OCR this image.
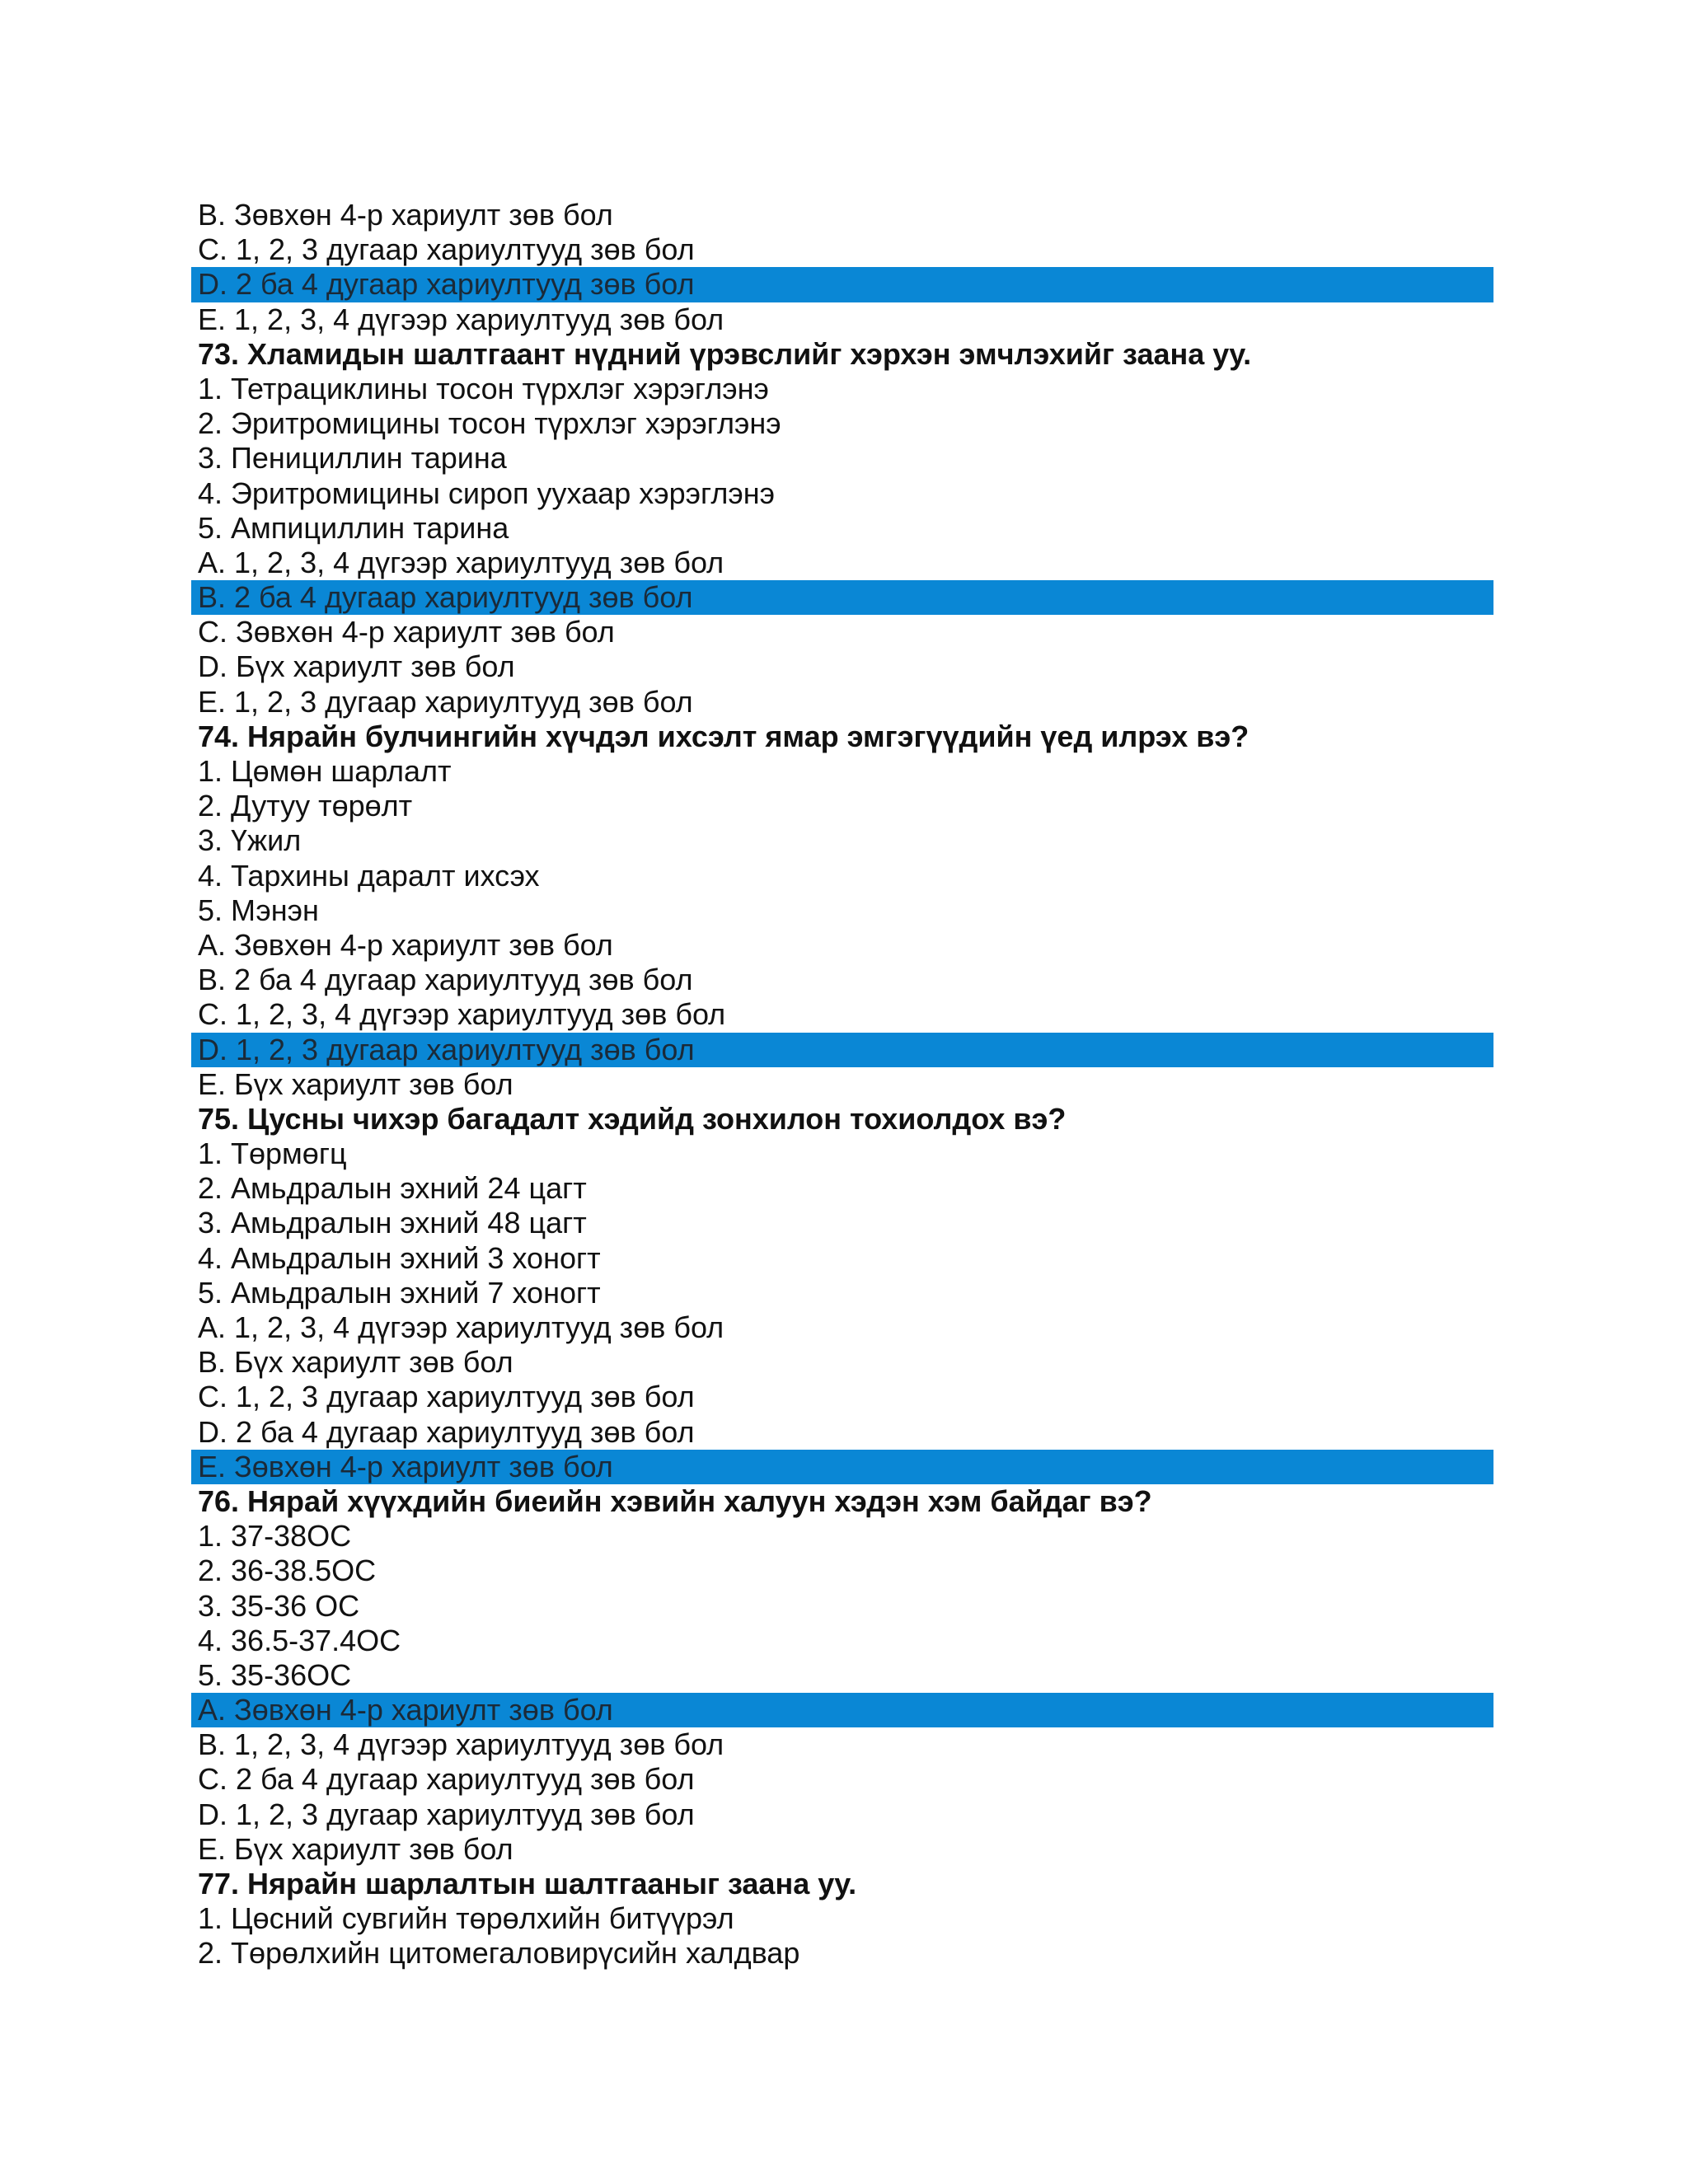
B. Зөвхөн 4-р хариулт зөв бол
C. 1, 2, 3 дугаар хариултууд зөв бол
D. 2 ба 4 дугаар хариултууд зөв бол
E. 1, 2, 3, 4 дүгээр хариултууд зөв бол
73. Хламидын шалтгаант нүдний үрэвслийг хэрхэн эмчлэхийг заана уу.
1. Тетрациклины тосон түрхлэг хэрэглэнэ
2. Эритромицины тосон түрхлэг хэрэглэнэ
3. Пенициллин тарина
4. Эритромицины сироп уухаар хэрэглэнэ
5. Ампициллин тарина
A. 1, 2, 3, 4 дүгээр хариултууд зөв бол
B. 2 ба 4 дугаар хариултууд зөв бол
C. Зөвхөн 4-р хариулт зөв бол
D. Бүх хариулт зөв бол
E. 1, 2, 3 дугаар хариултууд зөв бол
74. Нярайн булчингийн хүчдэл ихсэлт ямар эмгэгүүдийн үед илрэх вэ?
1. Цөмөн шарлалт
2. Дутуу төрөлт
3. Үжил
4. Тархины даралт ихсэх
5. Мэнэн
A. Зөвхөн 4-р хариулт зөв бол
B. 2 ба 4 дугаар хариултууд зөв бол
C. 1, 2, 3, 4 дүгээр хариултууд зөв бол
D. 1, 2, 3 дугаар хариултууд зөв бол
E. Бүх хариулт зөв бол
75. Цусны чихэр багадалт хэдийд зонхилон тохиолдох вэ?
1. Төрмөгц
2. Амьдралын эхний 24 цагт
3. Амьдралын эхний 48 цагт
4. Амьдралын эхний 3 хоногт
5. Амьдралын эхний 7 хоногт
A. 1, 2, 3, 4 дүгээр хариултууд зөв бол
B. Бүх хариулт зөв бол
C. 1, 2, 3 дугаар хариултууд зөв бол
D. 2 ба 4 дугаар хариултууд зөв бол
E. Зөвхөн 4-р хариулт зөв бол
76. Нярай хүүхдийн биеийн хэвийн халуун хэдэн хэм байдаг вэ?
1. 37-38OC
2. 36-38.5OC
3. 35-36 OC
4. 36.5-37.4OC
5. 35-36OC
A. Зөвхөн 4-р хариулт зөв бол
B. 1, 2, 3, 4 дүгээр хариултууд зөв бол
C. 2 ба 4 дугаар хариултууд зөв бол
D. 1, 2, 3 дугаар хариултууд зөв бол
E. Бүх хариулт зөв бол
77. Нярайн шарлалтын шалтгааныг заана уу.
1. Цөсний сувгийн төрөлхийн битүүрэл
2. Төрөлхийн цитомегаловирүсийн халдвар
